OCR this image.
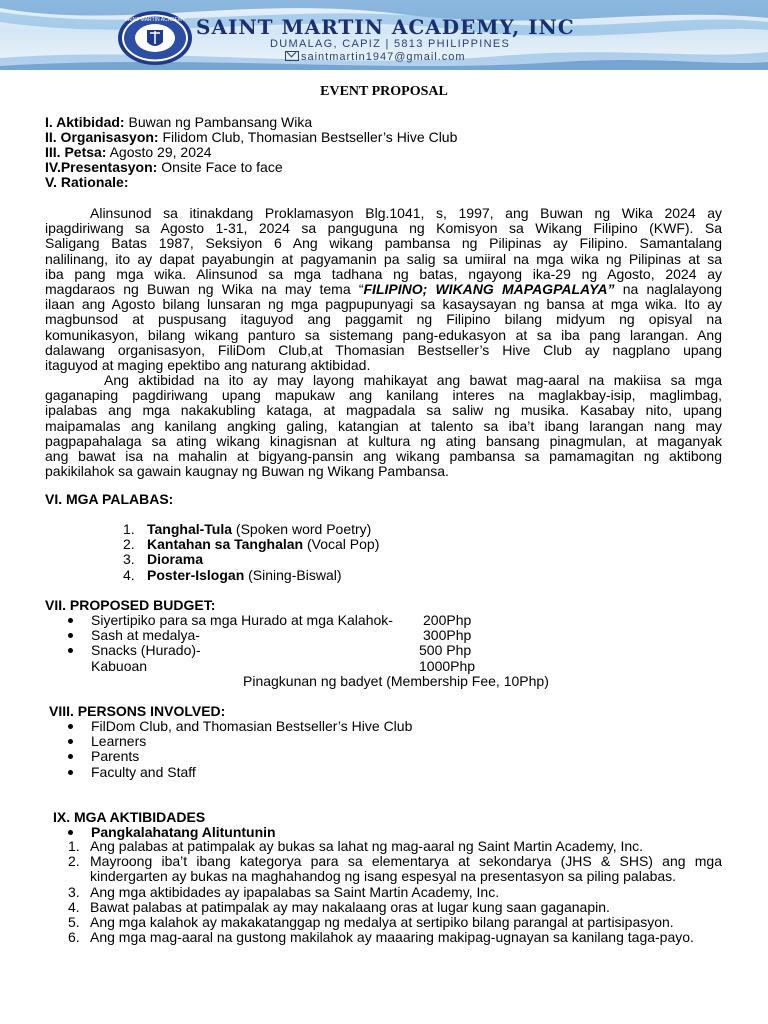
SAINT MARTIN ACADEMY SAINT MARTIN ACADEMY, INC
DUMALAG, CAPIZ | 5813 PHILIPPINES
saintmartin1947@gmail.com
EVENT PROPOSAL
I. Aktibidad: Buwan ng Pambansang Wika
II. Organisasyon: Filidom Club, Thomasian Bestseller’s Hive Club
III. Petsa: Agosto 29, 2024
IV.Presentasyon: Onsite Face to face
V. Rationale:
Alinsunod sa itinakdang Proklamasyon Blg.1041, s, 1997, ang Buwan ng Wika 2024 ay
ipagdiriwang sa Agosto 1-31, 2024 sa panguguna ng Komisyon sa Wikang Filipino (KWF). Sa
Saligang Batas 1987, Seksiyon 6 Ang wikang pambansa ng Pilipinas ay Filipino. Samantalang
nalilinang, ito ay dapat payabungin at pagyamanin pa salig sa umiiral na mga wika ng Pilipinas at sa
iba pang mga wika. Alinsunod sa mga tadhana ng batas, ngayong ika-29 ng Agosto, 2024 ay
magdaraos ng Buwan ng Wika na may tema “FILIPINO; WIKANG MAPAGPALAYA” na naglalayong
ilaan ang Agosto bilang lunsaran ng mga pagpupunyagi sa kasaysayan ng bansa at mga wika. Ito ay
magbunsod at puspusang itaguyod ang paggamit ng Filipino bilang midyum ng opisyal na
komunikasyon, bilang wikang panturo sa sistemang pang-edukasyon at sa iba pang larangan. Ang
dalawang organisasyon, FiliDom Club,at Thomasian Bestseller’s Hive Club ay nagplano upang
itaguyod at maging epektibo ang naturang aktibidad.
Ang aktibidad na ito ay may layong mahikayat ang bawat mag-aaral na makiisa sa mga
gaganaping pagdiriwang upang mapukaw ang kanilang interes na maglakbay-isip, maglimbag,
ipalabas ang mga nakakubling kataga, at magpadala sa saliw ng musika. Kasabay nito, upang
maipamalas ang kanilang angking galing, katangian at talento sa iba’t ibang larangan nang may
pagpapahalaga sa ating wikang kinagisnan at kultura ng ating bansang pinagmulan, at maganyak
ang bawat isa na mahalin at bigyang-pansin ang wikang pambansa sa pamamagitan ng aktibong
pakikilahok sa gawain kaugnay ng Buwan ng Wikang Pambansa.
VI. MGA PALABAS:
1. Tanghal-Tula (Spoken word Poetry)
2. Kantahan sa Tanghalan (Vocal Pop)
3. Diorama
4. Poster-Islogan (Sining-Biswal)
VII. PROPOSED BUDGET:
Siyertipiko para sa mga Hurado at mga Kalahok- 200Php
Sash at medalya-	300Php
Snacks (Hurado)-	500 Php
Kabuoan	1000Php
Pinagkunan ng badyet (Membership Fee, 10Php)
VIII. PERSONS INVOLVED:
FilDom Club, and Thomasian Bestseller’s Hive Club
Learners
Parents
Faculty and Staff
IX. MGA AKTIBIDADES
Pangkalahatang Alituntunin
1. Ang palabas at patimpalak ay bukas sa lahat ng mag-aaral ng Saint Martin Academy, Inc.
2. Mayroong iba’t ibang kategorya para sa elementarya at sekondarya (JHS & SHS) ang mga kindergarten ay bukas na maghahandog ng isang espesyal na presentasyon sa piling palabas.
3. Ang mga aktibidades ay ipapalabas sa Saint Martin Academy, Inc.
4. Bawat palabas at patimpalak ay may nakalaang oras at lugar kung saan gaganapin.
5. Ang mga kalahok ay makakatanggap ng medalya at sertipiko bilang parangal at partisipasyon.
6. Ang mga mag-aaral na gustong makilahok ay maaaring makipag-ugnayan sa kanilang taga-payo.
